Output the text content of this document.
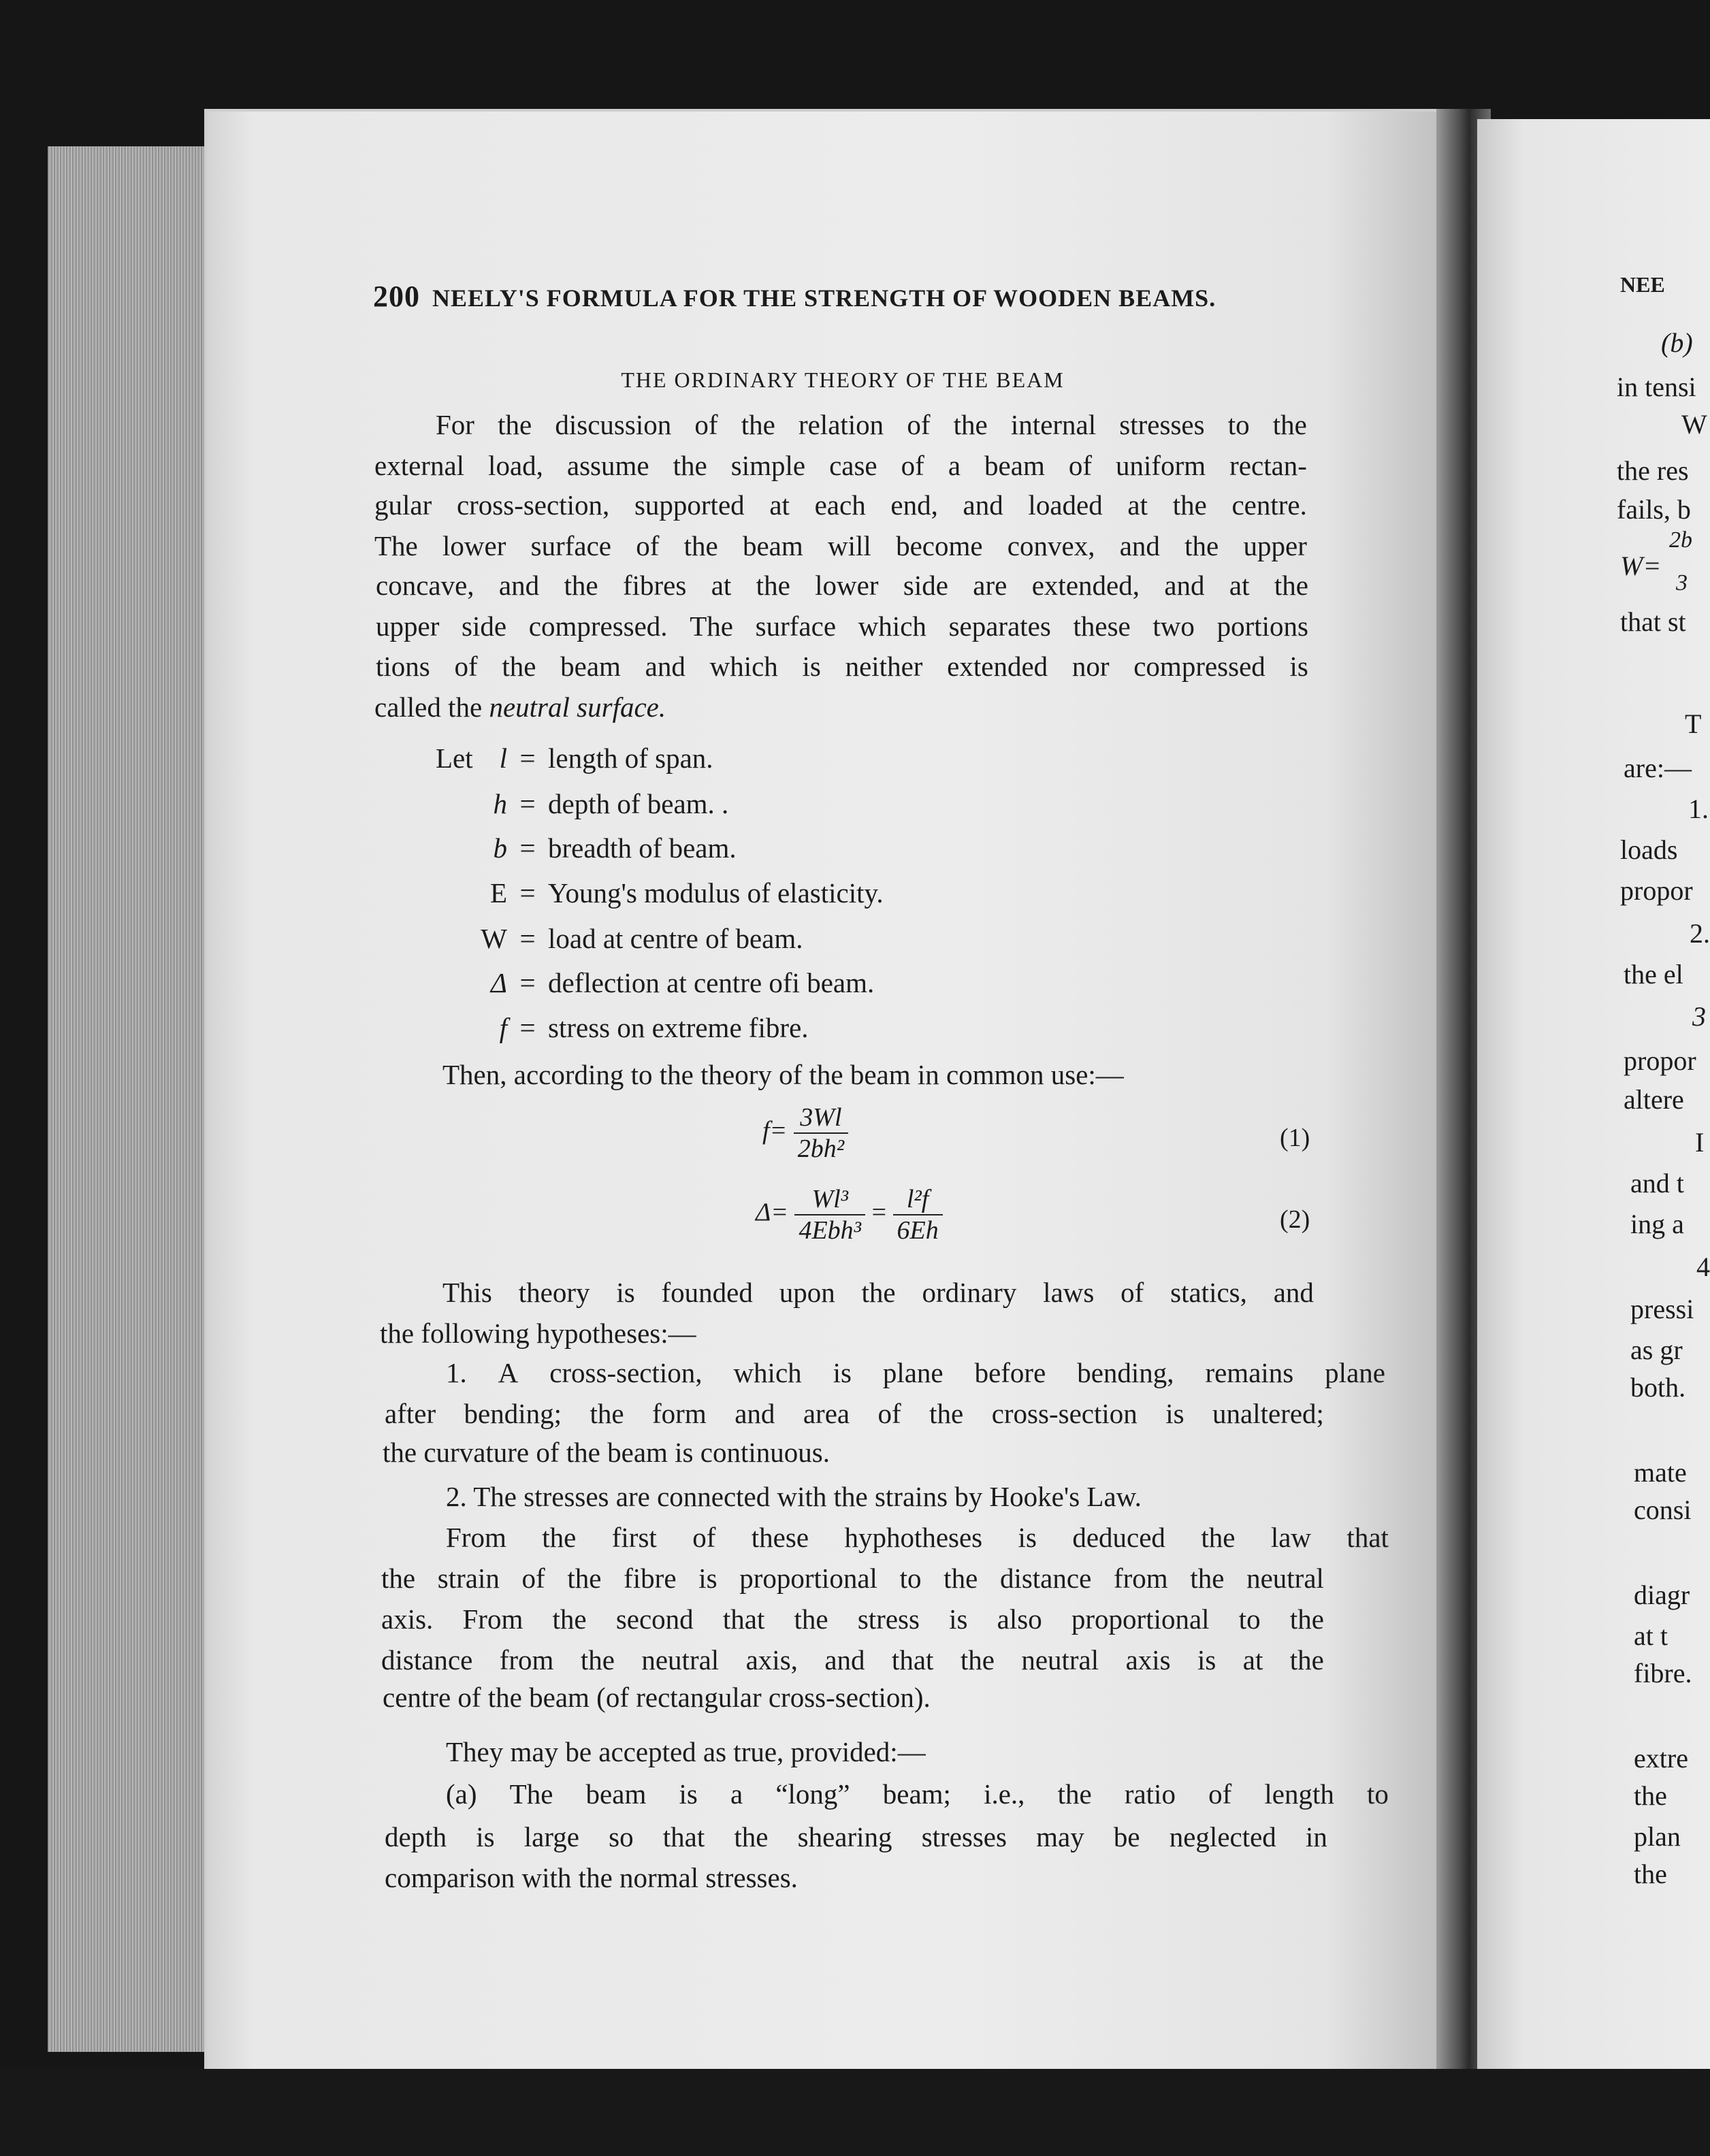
200 NEELY'S FORMULA FOR THE STRENGTH OF WOODEN BEAMS.
THE ORDINARY THEORY OF THE BEAM
For the discussion of the relation of the internal stresses to the
external load, assume the simple case of a beam of uniform rectan-
gular cross-section, supported at each end, and loaded at the centre.
The lower surface of the beam will become convex, and the upper
concave, and the fibres at the lower side are extended, and at the
upper side compressed. The surface which separates these two portions
tions of the beam and which is neither extended nor compressed is
called the neutral surface.
Let l = length of span.
h = depth of beam. .
b = breadth of beam.
E = Young's modulus of elasticity.
W = load at centre of beam.
Δ = deflection at centre ofi beam.
f = stress on extreme fibre.
Then, according to the theory of the beam in common use:—
$f= \frac{3Wl}{\text{2bh²}}$	(1)
$\Delta= \frac{\text{Wl³}}{\text{4Ebh³}} = \frac{\text{l²f}}{6Eh}$	(2)
This theory is founded upon the ordinary laws of statics, and
the following hypotheses:—
1. A cross-section, which is plane before bending, remains plane
after bending; the form and area of the cross-section is unaltered;
the curvature of the beam is continuous.
2. The stresses are connected with the strains by Hooke's Law.
From the first of these hyphotheses is deduced the law that
the strain of the fibre is proportional to the distance from the neutral
axis. From the second that the stress is also proportional to the
distance from the neutral axis, and that the neutral axis is at the
centre of the beam (of rectangular cross-section).
They may be accepted as true, provided:—
(a) The beam is a “long” beam; i.e., the ratio of length to
depth is large so that the shearing stresses may be neglected in
comparison with the normal stresses.
NEE
(b)
in tensi
W
the res
fails, b
2b
W=
3
that st
T
are:—
1.
loads
propor
2.
the el
3
propor
altere
I
and t
ing a
4
pressi
as gr
both.
mate
consi
diagr
at t
fibre.
extre
the
plan
the
